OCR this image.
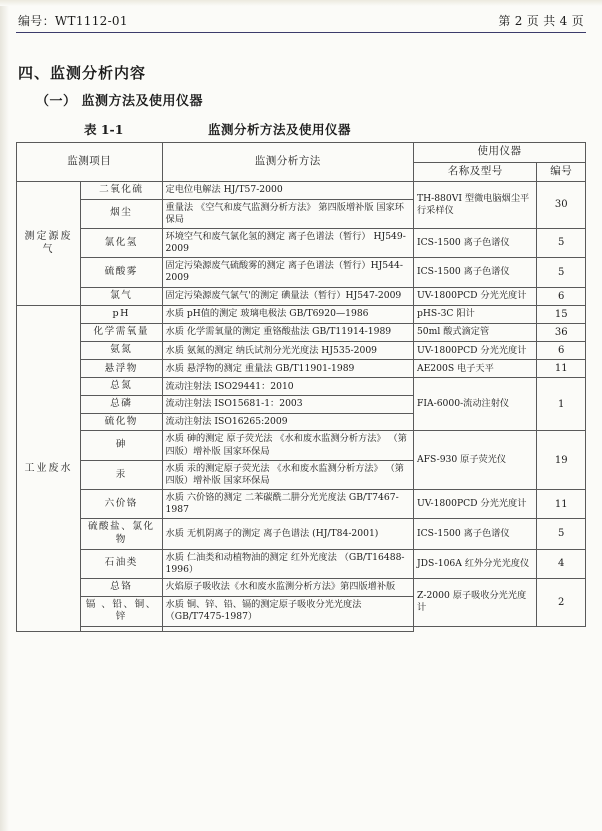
编号：WT1112-01	第 2 页 共 4 页
四、监测分析内容
（一） 监测方法及使用仪器
表 1-1	监测分析方法及使用仪器
监测项目		监测分析方法	使用仪器	
			名称及型号	编号
测定源废气	二氧化硫	定电位电解法 HJ/T57-2000	TH-880VI 型微电脑烟尘平行采样仪	30
	烟尘	重量法 《空气和废气监测分析方法》 第四版增补版 国家环保局		
	氯化氢	环境空气和废气氯化氢的测定 离子色谱法（暂行） HJ549-2009	ICS-1500 离子色谱仪	5
	硫酸雾	固定污染源废气硫酸雾的测定 离子色谱法（暂行）HJ544-2009	ICS-1500 离子色谱仪	5
	氯气	固定污染源废气氯气'的测定 碘量法（暂行）HJ547-2009	UV-1800PCD 分光光度计	6
工业废水	pH	水质 pH值的测定 玻璃电极法 GB/T6920—1986	pHS-3C 阳计	15
	化学需氧量	水质 化学需氧量的测定 重铬酸盐法 GB/T11914-1989	50ml 酸式滴定管	36
	氨氮	水质 氨氮的测定 纳氏试剂分光光度法 HJ535-2009	UV-1800PCD 分光光度计	6
	悬浮物	水质 悬浮物的测定 重量法 GB/T11901-1989	AE200S 电子天平	11
	总氮	流动注射法 ISO29441：2010	FIA-6000-流动注射仪	1
	总磷	流动注射法 ISO15681-1：2003		
	硫化物	流动注射法 ISO16265:2009		
	砷	水质 砷的测定 原子荧光法 《水和废水监测分析方法》 （第四版）增补版 国家环保局	AFS-930 原子荧光仪	19
	汞	水质 汞的测定原子荧光法 《水和废水监测分析方法》 （第四版）增补版 国家环保局		
	六价铬	水质 六价铬的测定 二苯碳酰二肼分光光度法 GB/T7467-1987	UV-1800PCD 分光光度计	11
	硫酸盐、氯化物	水质 无机阴离子的测定 离子色谱法 (HJ/T84-2001)	ICS-1500 离子色谱仪	5
	石油类	水质 仁油类和动植物油的测定 红外光度法 （GB/T16488-1996）	JDS-106A 红外分光光度仪	4
	总铬	火焰原子吸收法《水和废水监测分析方法》第四版增补版	Z-2000 原子吸收分光光度计	2
	镉 、铅、铜、锌	水质 铜、锌、铅、镉的测定原子吸收分光光度法（GB/T7475-1987）		
